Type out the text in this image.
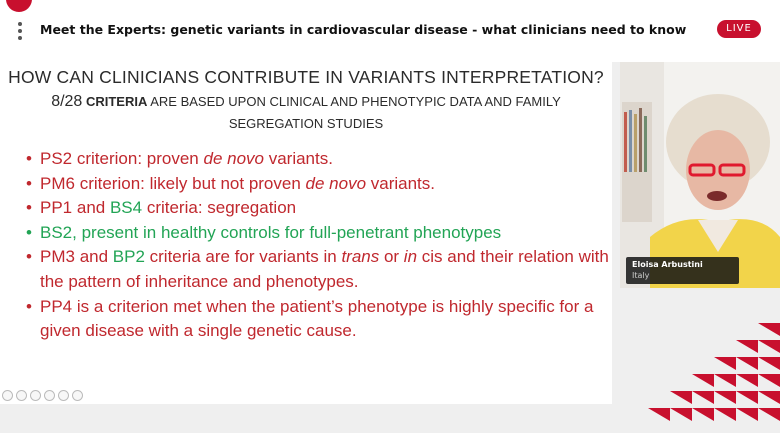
Meet the Experts: genetic variants in cardiovascular disease - what clinicians need to know	LIVE
HOW CAN CLINICIANS CONTRIBUTE IN VARIANTS INTERPRETATION?
8/28 CRITERIA ARE BASED UPON CLINICAL AND PHENOTYPIC DATA AND FAMILY
SEGREGATION STUDIES
• PS2 criterion: proven de novo variants.
• PM6 criterion: likely but not proven de novo variants.
• PP1 and BS4 criteria: segregation
• BS2, present in healthy controls for full-penetrant phenotypes
• PM3 and BP2 criteria are for variants in trans or in cis and their relation with the pattern of inheritance and phenotypes.
• PP4 is a criterion met when the patient’s phenotype is highly specific for a given disease with a single genetic cause.
Eloisa Arbustini
Italy
